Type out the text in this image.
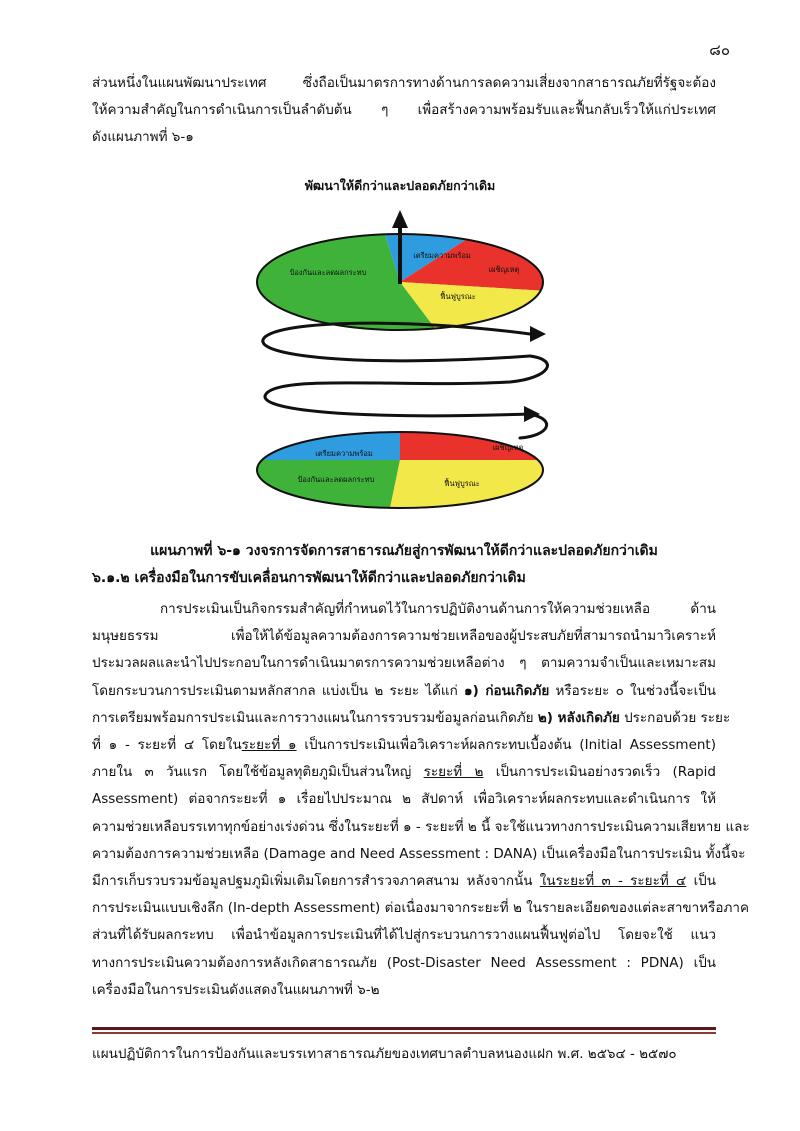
๘๐
ส่วนหนึ่งในแผนพัฒนาประเทศ ซึ่งถือเป็นมาตรการทางด้านการลดความเสี่ยงจากสาธารณภัยที่รัฐจะต้อง
ให้ความสำคัญในการดำเนินการเป็นลำดับต้น ๆ เพื่อสร้างความพร้อมรับและฟื้นกลับเร็วให้แก่ประเทศ
ดังแผนภาพที่ ๖-๑
พัฒนาให้ดีกว่าและปลอดภัยกว่าเดิม
ป้องกันและลดผลกระทบ
เตรียมความพร้อม
เผชิญเหตุ
ฟื้นฟูบูรณะ
เตรียมความพร้อม
เผชิญเหตุ
ป้องกันและลดผลกระทบ	ฟื้นฟูบูรณะ
แผนภาพที่ ๖-๑ วงจรการจัดการสาธารณภัยสู่การพัฒนาให้ดีกว่าและปลอดภัยกว่าเดิม
๖.๑.๒ เครื่องมือในการขับเคลื่อนการพัฒนาให้ดีกว่าและปลอดภัยกว่าเดิม
การประเมินเป็นกิจกรรมสำคัญที่กำหนดไว้ในการปฏิบัติงานด้านการให้ความช่วยเหลือ ด้าน
มนุษยธรรม เพื่อให้ได้ข้อมูลความต้องการความช่วยเหลือของผู้ประสบภัยที่สามารถนำมาวิเคราะห์
ประมวลผลและนำไปประกอบในการดำเนินมาตรการความช่วยเหลือต่าง ๆ ตามความจำเป็นและเหมาะสม
โดยกระบวนการประเมินตามหลักสากล แบ่งเป็น ๒ ระยะ ได้แก่ ๑) ก่อนเกิดภัย หรือระยะ ๐ ในช่วงนี้จะเป็น
การเตรียมพร้อมการประเมินและการวางแผนในการรวบรวมข้อมูลก่อนเกิดภัย ๒) หลังเกิดภัย ประกอบด้วย ระยะ
ที่ ๑ - ระยะที่ ๔ โดยในระยะที่ ๑ เป็นการประเมินเพื่อวิเคราะห์ผลกระทบเบื้องต้น (Initial Assessment)
ภายใน ๓ วันแรก โดยใช้ข้อมูลทุติยภูมิเป็นส่วนใหญ่ ระยะที่ ๒ เป็นการประเมินอย่างรวดเร็ว (Rapid
Assessment) ต่อจากระยะที่ ๑ เรื่อยไปประมาณ ๒ สัปดาห์ เพื่อวิเคราะห์ผลกระทบและดำเนินการ ให้
ความช่วยเหลือบรรเทาทุกข์อย่างเร่งด่วน ซึ่งในระยะที่ ๑ - ระยะที่ ๒ นี้ จะใช้แนวทางการประเมินความเสียหาย และ
ความต้องการความช่วยเหลือ (Damage and Need Assessment : DANA) เป็นเครื่องมือในการประเมิน ทั้งนี้จะ
มีการเก็บรวบรวมข้อมูลปฐมภูมิเพิ่มเติมโดยการสำรวจภาคสนาม หลังจากนั้น ในระยะที่ ๓ - ระยะที่ ๔ เป็น
การประเมินแบบเชิงลึก (In-depth Assessment) ต่อเนื่องมาจากระยะที่ ๒ ในรายละเอียดของแต่ละสาขาหรือภาค
ส่วนที่ได้รับผลกระทบ เพื่อนำข้อมูลการประเมินที่ได้ไปสู่กระบวนการวางแผนฟื้นฟูต่อไป โดยจะใช้ แนว
ทางการประเมินความต้องการหลังเกิดสาธารณภัย (Post-Disaster Need Assessment : PDNA) เป็น
เครื่องมือในการประเมินดังแสดงในแผนภาพที่ ๖-๒
แผนปฏิบัติการในการป้องกันและบรรเทาสาธารณภัยของเทศบาลตำบลหนองแฝก พ.ศ. ๒๕๖๔ - ๒๕๗๐
